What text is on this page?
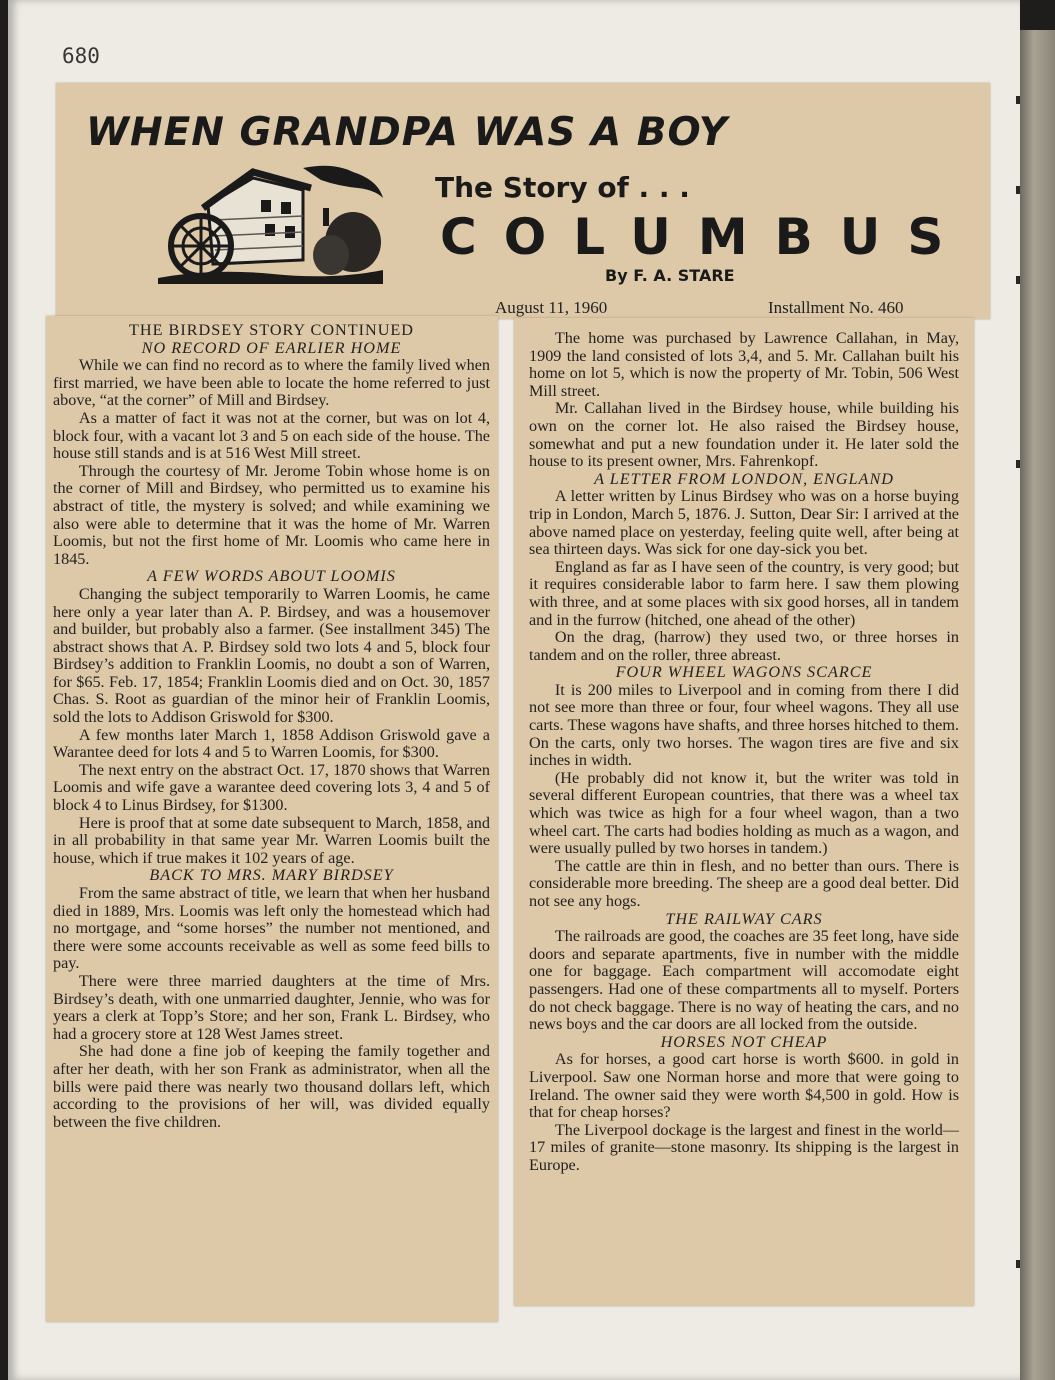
680
WHEN GRANDPA WAS A BOY
The Story of . . .
COLUMBUS
By F. A. STARE
August 11, 1960	Installment No. 460
THE BIRDSEY STORY CONTINUED
NO RECORD OF EARLIER HOME

While we can find no record as to where the family lived when first married, we have been able to locate the home referred to just above, “at the corner” of Mill and Birdsey.

As a matter of fact it was not at the corner, but was on lot 4, block four, with a vacant lot 3 and 5 on each side of the house. The house still stands and is at 516 West Mill street.

Through the courtesy of Mr. Jerome Tobin whose home is on the corner of Mill and Birdsey, who permitted us to examine his abstract of title, the mystery is solved; and while examining we also were able to determine that it was the home of Mr. Warren Loomis, but not the first home of Mr. Loomis who came here in 1845.

A FEW WORDS ABOUT LOOMIS

Changing the subject temporarily to Warren Loomis, he came here only a year later than A. P. Birdsey, and was a housemover and builder, but probably also a farmer. (See installment 345) The abstract shows that A. P. Birdsey sold two lots 4 and 5, block four Birdsey’s addition to Franklin Loomis, no doubt a son of Warren, for $65. Feb. 17, 1854; Franklin Loomis died and on Oct. 30, 1857 Chas. S. Root as guardian of the minor heir of Franklin Loomis, sold the lots to Addison Griswold for $300.

A few months later March 1, 1858 Addison Griswold gave a Warantee deed for lots 4 and 5 to Warren Loomis, for $300.

The next entry on the abstract Oct. 17, 1870 shows that Warren Loomis and wife gave a warantee deed covering lots 3, 4 and 5 of block 4 to Linus Birdsey, for $1300.

Here is proof that at some date subsequent to March, 1858, and in all probability in that same year Mr. Warren Loomis built the house, which if true makes it 102 years of age.

BACK TO MRS. MARY BIRDSEY

From the same abstract of title, we learn that when her husband died in 1889, Mrs. Loomis was left only the homestead which had no mortgage, and “some horses” the number not mentioned, and there were some accounts receivable as well as some feed bills to pay.

There were three married daughters at the time of Mrs. Birdsey’s death, with one unmarried daughter, Jennie, who was for years a clerk at Topp’s Store; and her son, Frank L. Birdsey, who had a grocery store at 128 West James street.

She had done a fine job of keeping the family together and after her death, with her son Frank as administrator, when all the bills were paid there was nearly two thousand dollars left, which according to the provisions of her will, was divided equally between the five children.

The home was purchased by Lawrence Callahan, in May, 1909 the land consisted of lots 3,4, and 5. Mr. Callahan built his home on lot 5, which is now the property of Mr. Tobin, 506 West Mill street.

Mr. Callahan lived in the Birdsey house, while building his own on the corner lot. He also raised the Birdsey house, somewhat and put a new foundation under it. He later sold the house to its present owner, Mrs. Fahrenkopf.

A LETTER FROM LONDON, ENGLAND

A letter written by Linus Birdsey who was on a horse buying trip in London, March 5, 1876. J. Sutton, Dear Sir: I arrived at the above named place on yesterday, feeling quite well, after being at sea thirteen days. Was sick for one day-sick you bet.

England as far as I have seen of the country, is very good; but it requires considerable labor to farm here. I saw them plowing with three, and at some places with six good horses, all in tandem and in the furrow (hitched, one ahead of the other)

On the drag, (harrow) they used two, or three horses in tandem and on the roller, three abreast.

FOUR WHEEL WAGONS SCARCE

It is 200 miles to Liverpool and in coming from there I did not see more than three or four, four wheel wagons. They all use carts. These wagons have shafts, and three horses hitched to them. On the carts, only two horses. The wagon tires are five and six inches in width.

(He probably did not know it, but the writer was told in several different European countries, that there was a wheel tax which was twice as high for a four wheel wagon, than a two wheel cart. The carts had bodies holding as much as a wagon, and were usually pulled by two horses in tandem.)

The cattle are thin in flesh, and no better than ours. There is considerable more breeding. The sheep are a good deal better. Did not see any hogs.

THE RAILWAY CARS

The railroads are good, the coaches are 35 feet long, have side doors and separate apartments, five in number with the middle one for baggage. Each compartment will accomodate eight passengers. Had one of these compartments all to myself. Porters do not check baggage. There is no way of heating the cars, and no news boys and the car doors are all locked from the outside.

HORSES NOT CHEAP

As for horses, a good cart horse is worth $600. in gold in Liverpool. Saw one Norman horse and more that were going to Ireland. The owner said they were worth $4,500 in gold. How is that for cheap horses?

The Liverpool dockage is the largest and finest in the world—17 miles of granite—stone masonry. Its shipping is the largest in Europe.
